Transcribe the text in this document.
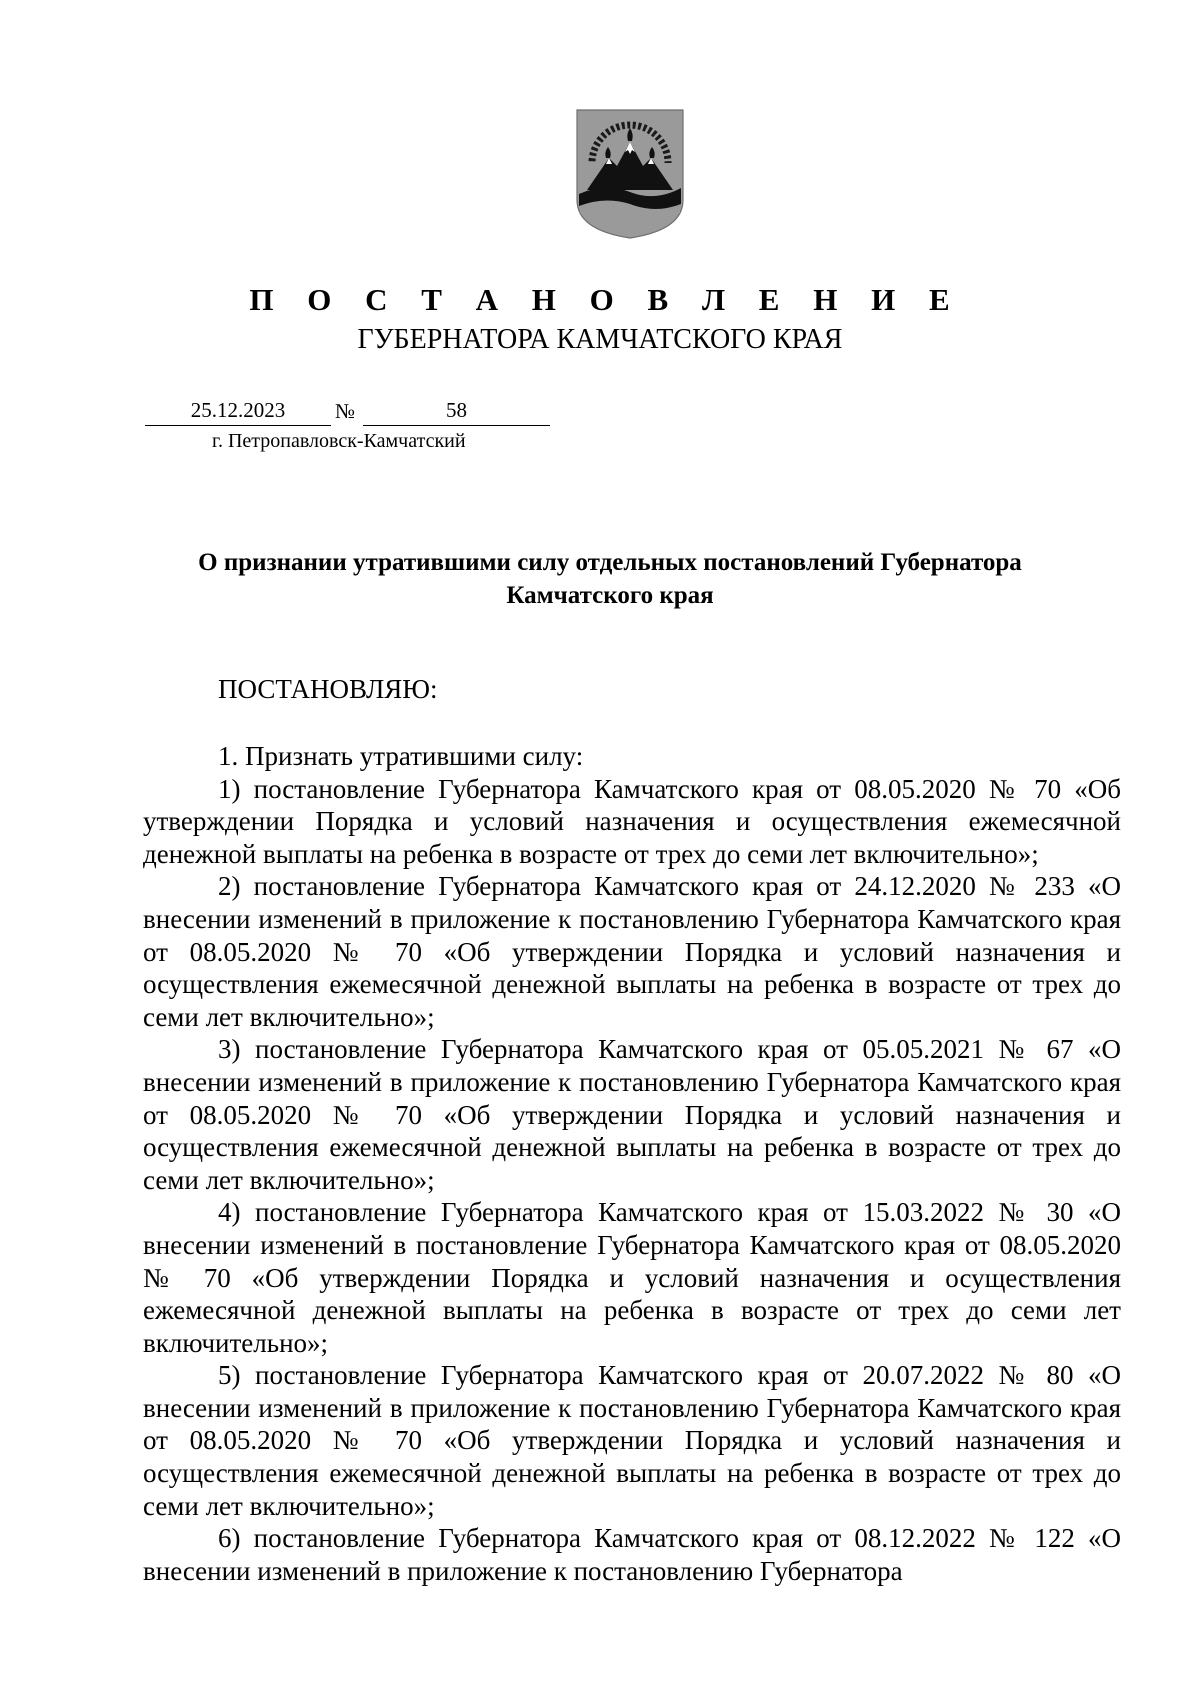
П О С Т А Н О В Л Е Н И Е
ГУБЕРНАТОРА КАМЧАТСКОГО КРАЯ
25.12.2023	№	58
г. Петропавловск-Камчатский
О признании утратившими силу отдельных постановлений Губернатора
Камчатского края
ПОСТАНОВЛЯЮ:

1. Признать утратившими силу:

1) постановление Губернатора Камчатского края от 08.05.2020 № 70 «Об утверждении Порядка и условий назначения и осуществления ежемесячной денежной выплаты на ребенка в возрасте от трех до семи лет включительно»;

2) постановление Губернатора Камчатского края от 24.12.2020 № 233 «О внесении изменений в приложение к постановлению Губернатора Камчатского края от 08.05.2020 № 70 «Об утверждении Порядка и условий назначения и осуществления ежемесячной денежной выплаты на ребенка в возрасте от трех до семи лет включительно»;

3) постановление Губернатора Камчатского края от 05.05.2021 № 67 «О внесении изменений в приложение к постановлению Губернатора Камчатского края от 08.05.2020 № 70 «Об утверждении Порядка и условий назначения и осуществления ежемесячной денежной выплаты на ребенка в возрасте от трех до семи лет включительно»;

4) постановление Губернатора Камчатского края от 15.03.2022 № 30 «О внесении изменений в постановление Губернатора Камчатского края от 08.05.2020 № 70 «Об утверждении Порядка и условий назначения и осуществления ежемесячной денежной выплаты на ребенка в возрасте от трех до семи лет включительно»;

5) постановление Губернатора Камчатского края от 20.07.2022 № 80 «О внесении изменений в приложение к постановлению Губернатора Камчатского края от 08.05.2020 № 70 «Об утверждении Порядка и условий назначения и осуществления ежемесячной денежной выплаты на ребенка в возрасте от трех до семи лет включительно»;

6) постановление Губернатора Камчатского края от 08.12.2022 № 122 «О внесении изменений в приложение к постановлению Губернатора
